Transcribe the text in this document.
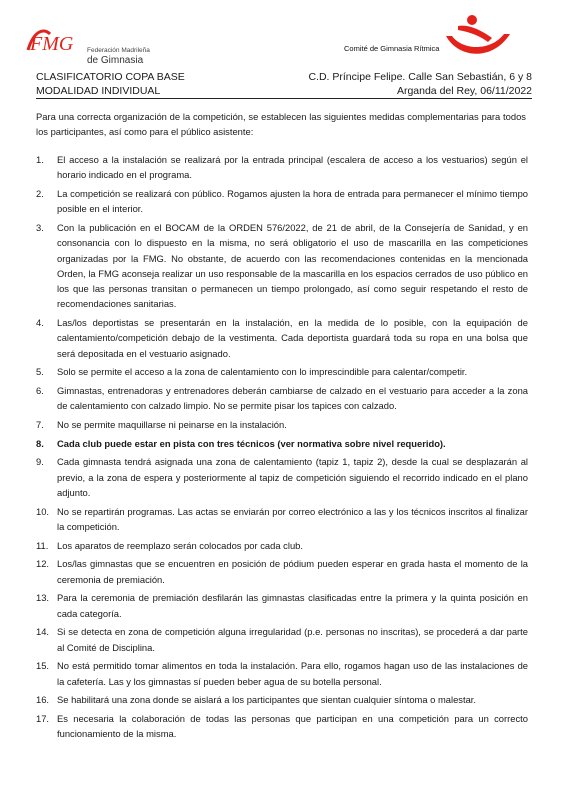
FMG Federación Madrileña
de Gimnasia
Comité de Gimnasia Rítmica
CLASIFICATORIO COPA BASE
MODALIDAD INDIVIDUAL
C.D. Príncipe Felipe. Calle San Sebastián, 6 y 8
Arganda del Rey, 06/11/2022
Para una correcta organización de la competición, se establecen las siguientes medidas complementarias para todos los participantes, así como para el público asistente:
1.	El acceso a la instalación se realizará por la entrada principal (escalera de acceso a los vestuarios) según el horario indicado en el programa.
2.	La competición se realizará con público. Rogamos ajusten la hora de entrada para permanecer el mínimo tiempo posible en el interior.
3.	Con la publicación en el BOCAM de la ORDEN 576/2022, de 21 de abril, de la Consejería de Sanidad, y en consonancia con lo dispuesto en la misma, no será obligatorio el uso de mascarilla en las competiciones organizadas por la FMG. No obstante, de acuerdo con las recomendaciones contenidas en la mencionada Orden, la FMG aconseja realizar un uso responsable de la mascarilla en los espacios cerrados de uso público en los que las personas transitan o permanecen un tiempo prolongado, así como seguir respetando el resto de recomendaciones sanitarias.
4.	Las/los deportistas se presentarán en la instalación, en la medida de lo posible, con la equipación de calentamiento/competición debajo de la vestimenta. Cada deportista guardará toda su ropa en una bolsa que será depositada en el vestuario asignado.
5.	Solo se permite el acceso a la zona de calentamiento con lo imprescindible para calentar/competir.
6.	Gimnastas, entrenadoras y entrenadores deberán cambiarse de calzado en el vestuario para acceder a la zona de calentamiento con calzado limpio. No se permite pisar los tapices con calzado.
7.	No se permite maquillarse ni peinarse en la instalación.
8.	Cada club puede estar en pista con tres técnicos (ver normativa sobre nivel requerido).
9.	Cada gimnasta tendrá asignada una zona de calentamiento (tapiz 1, tapiz 2), desde la cual se desplazarán al previo, a la zona de espera y posteriormente al tapiz de competición siguiendo el recorrido indicado en el plano adjunto.
10. No se repartirán programas. Las actas se enviarán por correo electrónico a las y los técnicos inscritos al finalizar la competición.
11. Los aparatos de reemplazo serán colocados por cada club.
12. Los/las gimnastas que se encuentren en posición de pódium pueden esperar en grada hasta el momento de la ceremonia de premiación.
13. Para la ceremonia de premiación desfilarán las gimnastas clasificadas entre la primera y la quinta posición en cada categoría.
14. Si se detecta en zona de competición alguna irregularidad (p.e. personas no inscritas), se procederá a dar parte al Comité de Disciplina.
15. No está permitido tomar alimentos en toda la instalación. Para ello, rogamos hagan uso de las instalaciones de la cafetería. Las y los gimnastas sí pueden beber agua de su botella personal.
16. Se habilitará una zona donde se aislará a los participantes que sientan cualquier síntoma o malestar.
17. Es necesaria la colaboración de todas las personas que participan en una competición para un correcto funcionamiento de la misma.
